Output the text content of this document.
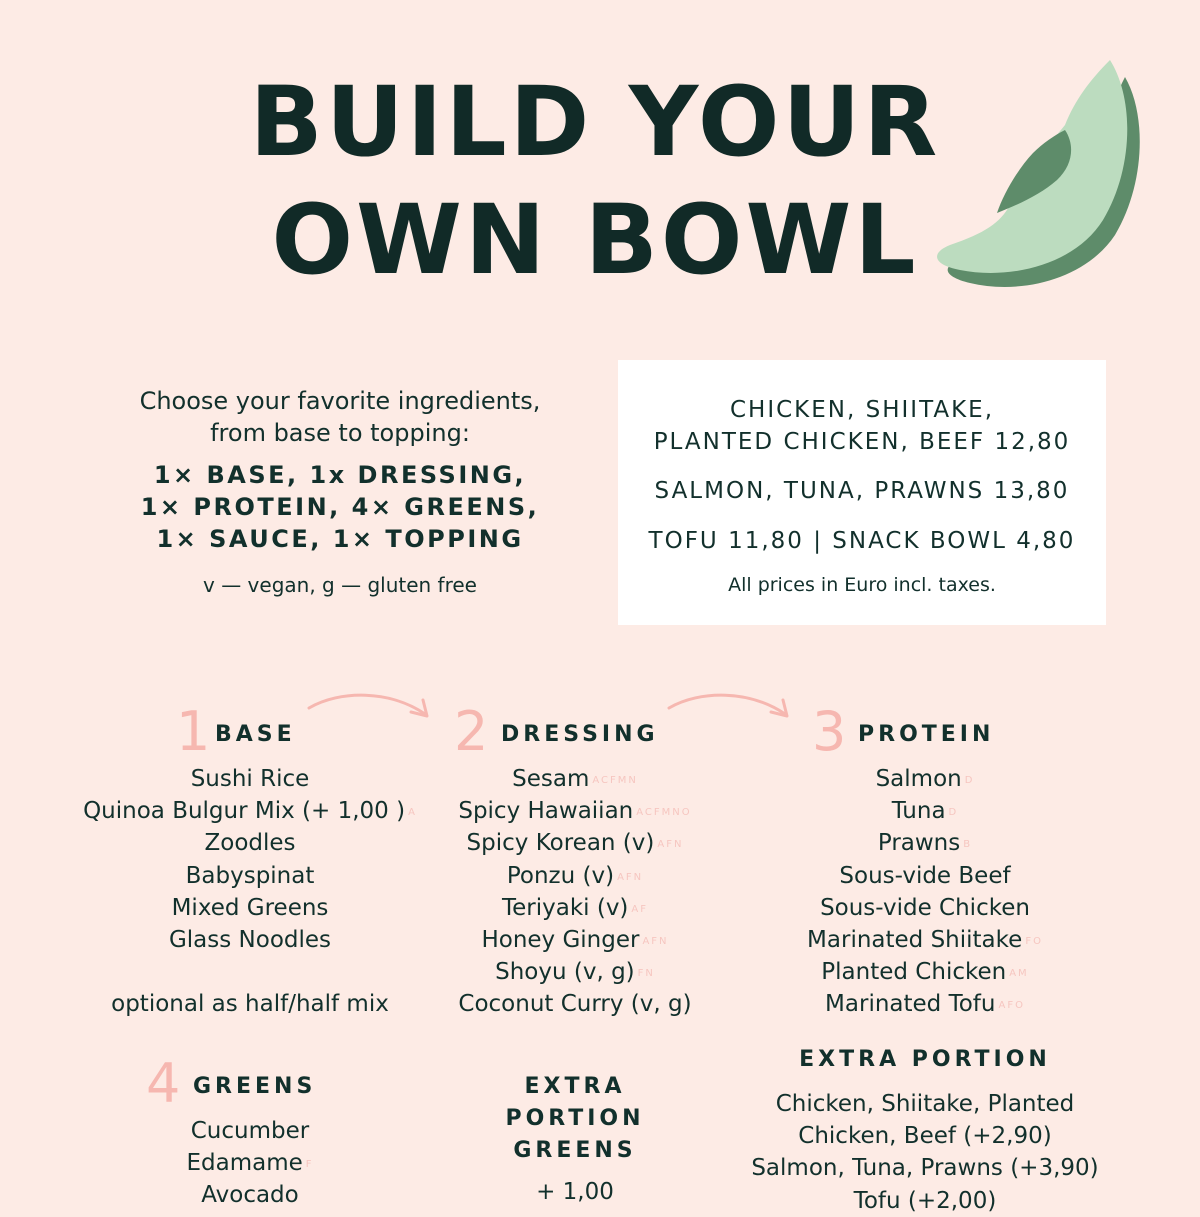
BUILD YOUR
OWN BOWL
Choose your favorite ingredients,
from base to topping:
1× BASE, 1x DRESSING,
1× PROTEIN, 4× GREENS,
1× SAUCE, 1× TOPPING
v — vegan, g — gluten free
CHICKEN, SHIITAKE,
PLANTED CHICKEN, BEEF 12,80
SALMON, TUNA, PRAWNS 13,80
TOFU 11,80 | SNACK BOWL 4,80
All prices in Euro incl. taxes.
1 BASE
Sushi Rice
Quinoa Bulgur Mix (+ 1,00 ) $^A$
Zoodles
Babyspinat
Mixed Greens
Glass Noodles
optional as half/half mix
2 DRESSING
Sesam $^{ACFMN}$
Spicy Hawaiian $^{ACFMNO}$
Spicy Korean (v) $^{AFN}$
Ponzu (v) $^{AFN}$
Teriyaki (v) $^{AF}$
Honey Ginger $^{AFN}$
Shoyu (v, g) $^{FN}$
Coconut Curry (v, g)
3 PROTEIN
Salmon $^D$
Tuna $^D$
Prawns $^B$
Sous-vide Beef
Sous-vide Chicken
Marinated Shiitake $^{FO}$
Planted Chicken $^{AM}$
Marinated Tofu $^{AFO}$
EXTRA PORTION
Chicken, Shiitake, Planted
Chicken, Beef (+2,90)
Salmon, Tuna, Prawns (+3,90)
Tofu (+2,00)
4 GREENS
Cucumber
Edamame $^F$
Avocado
EXTRA
PORTION
GREENS
+ 1,00
